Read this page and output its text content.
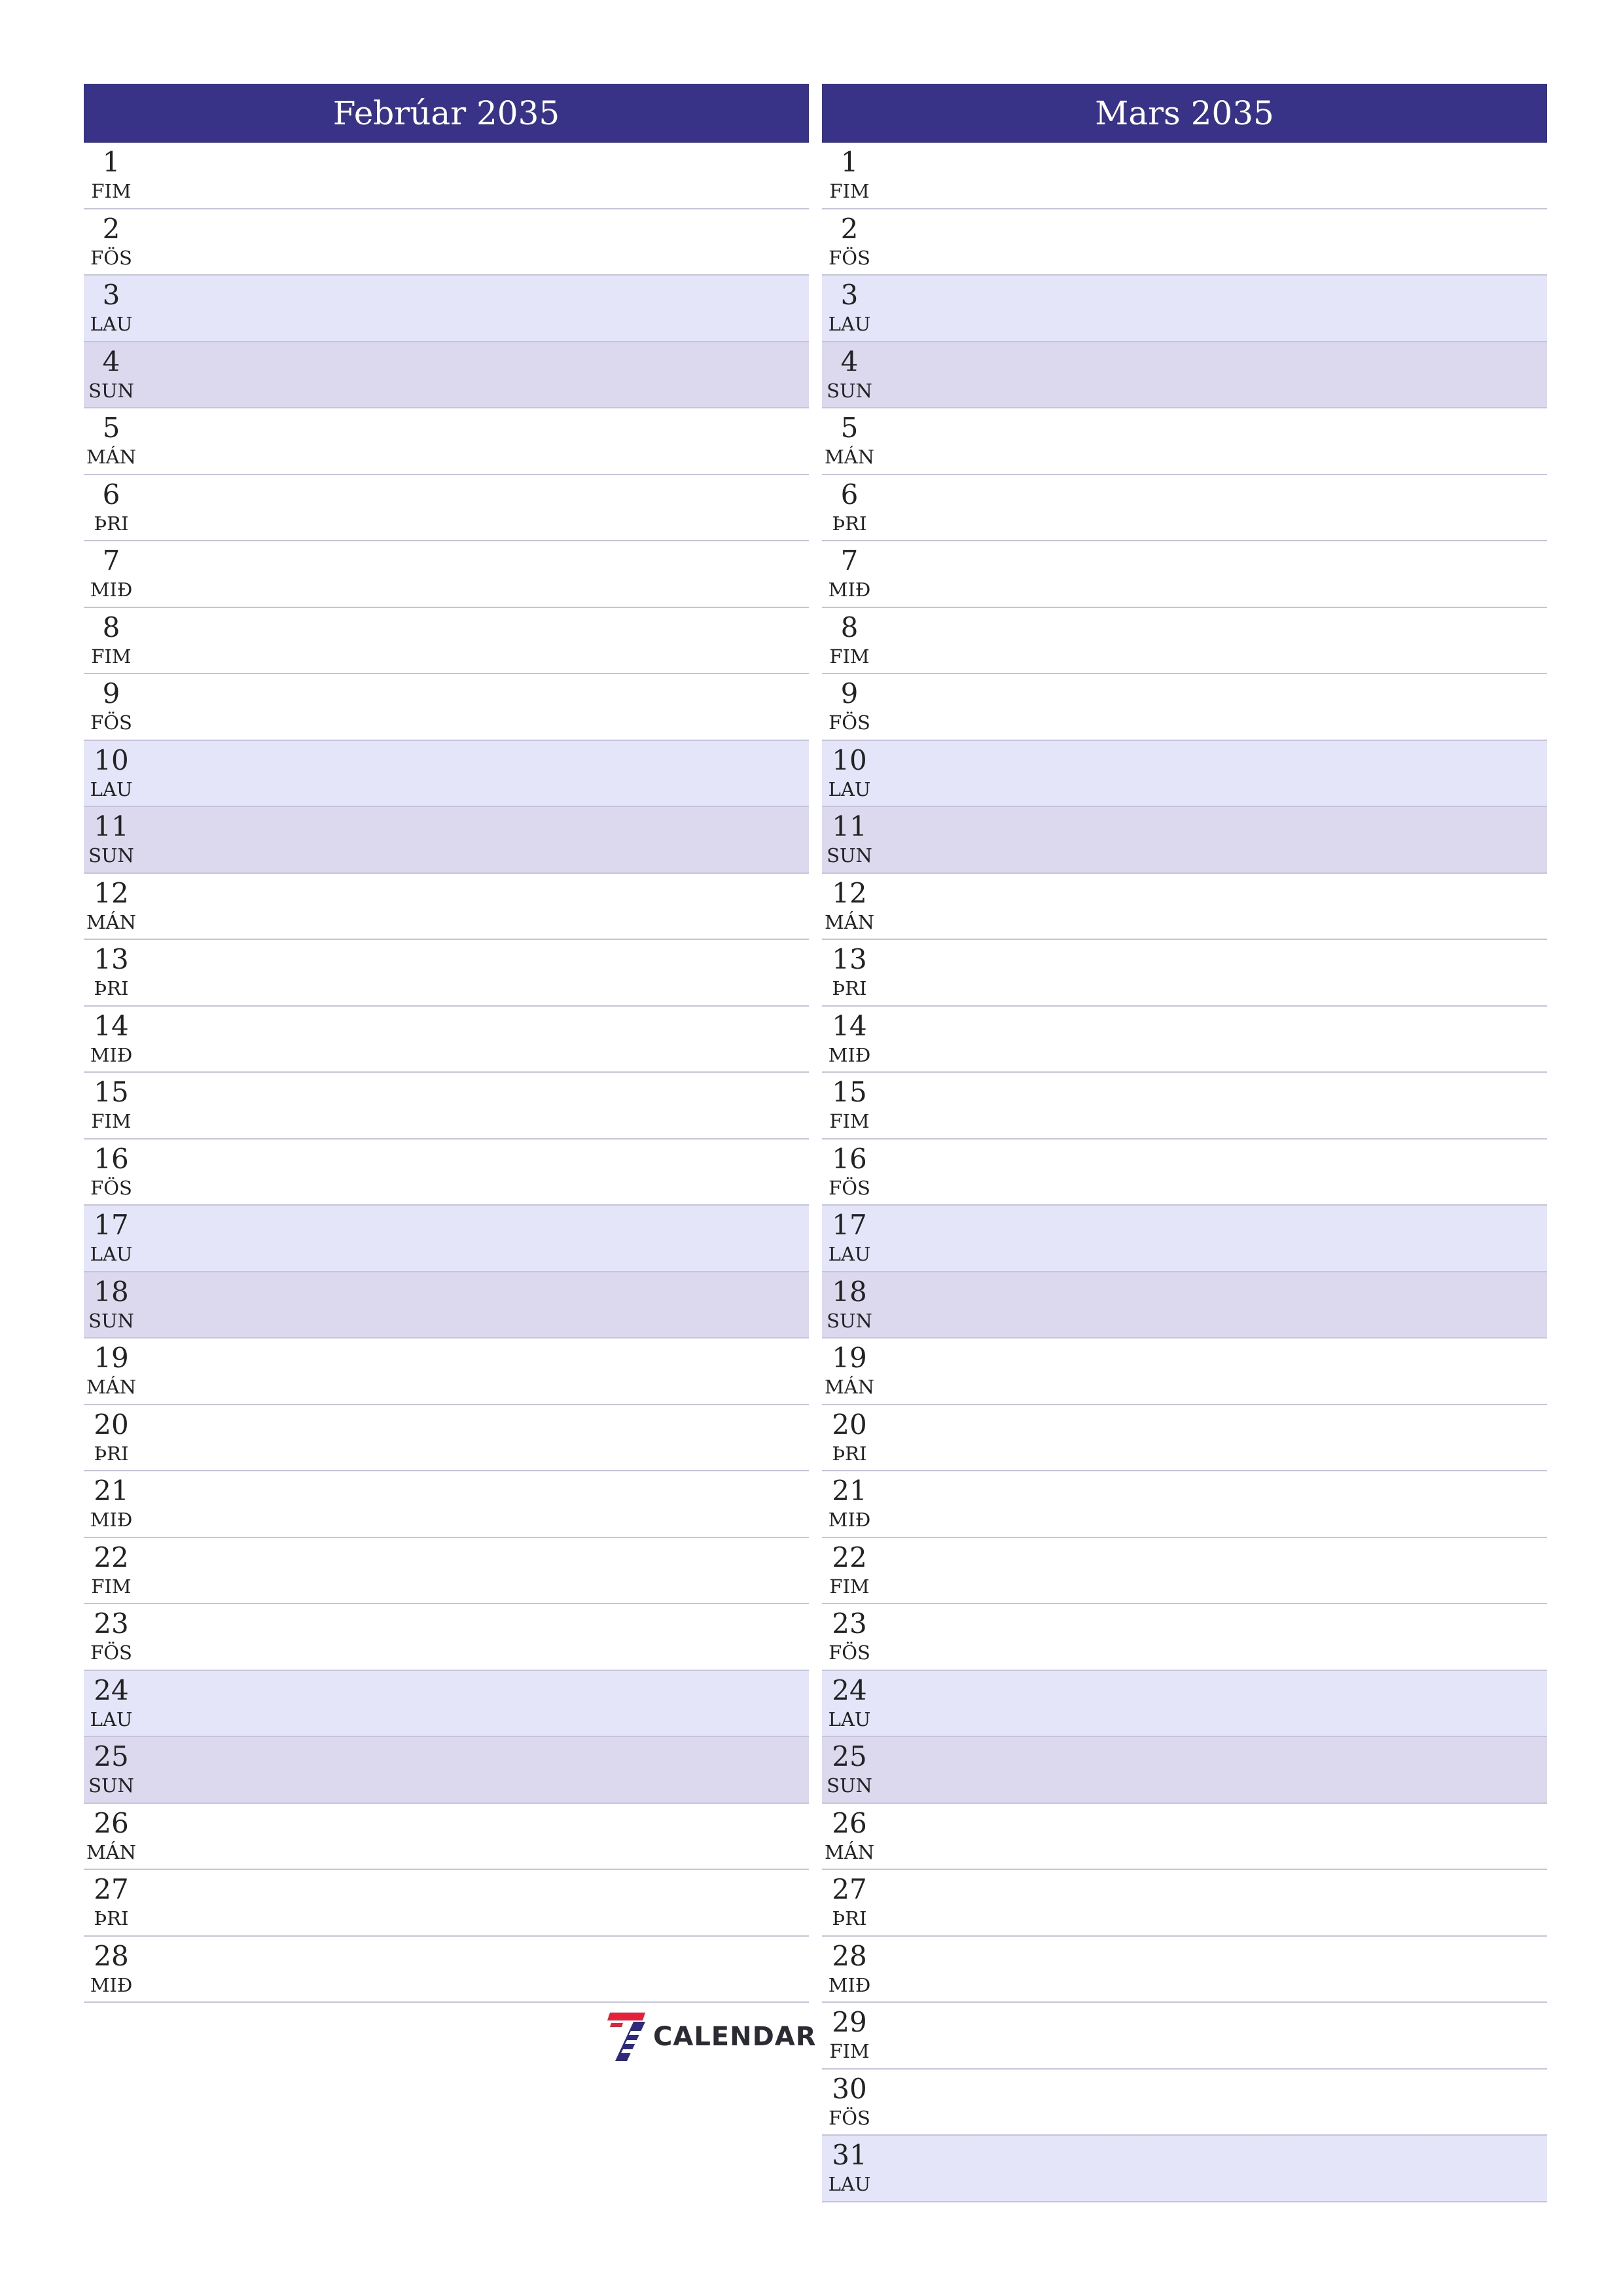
Febrúar 2035
1
FIM
2
FÖS
3
LAU
4
SUN
5
MÁN
6
ÞRI
7
MIÐ
8
FIM
9
FÖS
10
LAU
11
SUN
12
MÁN
13
ÞRI
14
MIÐ
15
FIM
16
FÖS
17
LAU
18
SUN
19
MÁN
20
ÞRI
21
MIÐ
22
FIM
23
FÖS
24
LAU
25
SUN
26
MÁN
27
ÞRI
28
MIÐ
Mars 2035
1
FIM
2
FÖS
3
LAU
4
SUN
5
MÁN
6
ÞRI
7
MIÐ
8
FIM
9
FÖS
10
LAU
11
SUN
12
MÁN
13
ÞRI
14
MIÐ
15
FIM
16
FÖS
17
LAU
18
SUN
19
MÁN
20
ÞRI
21
MIÐ
22
FIM
23
FÖS
24
LAU
25
SUN
26
MÁN
27
ÞRI
28
MIÐ
29
FIM
30
FÖS
31
LAU
CALENDAR
